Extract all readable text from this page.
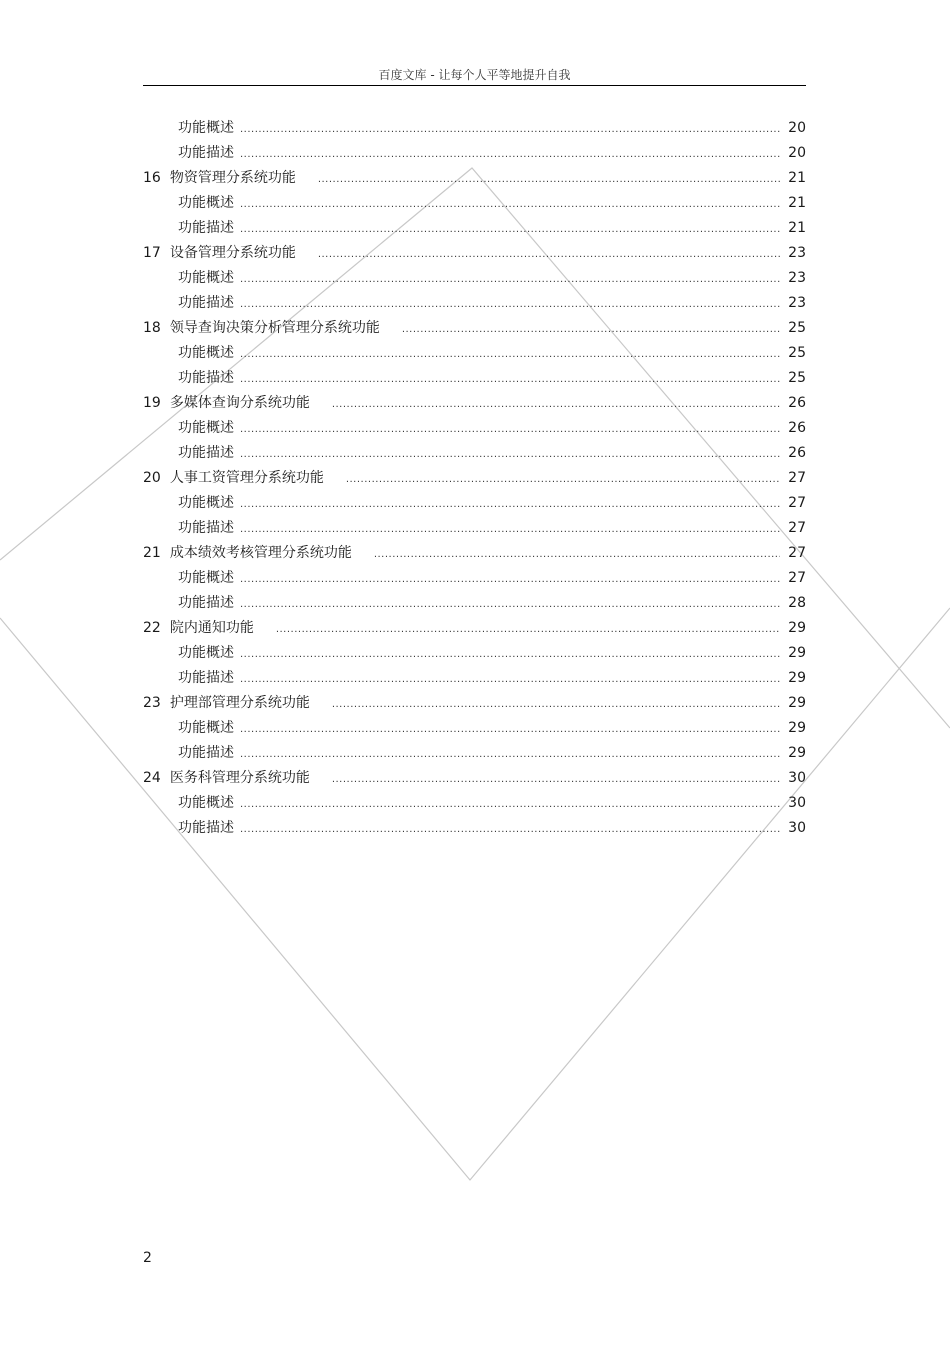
百度文库 - 让每个人平等地提升自我
功能概述 .....	20
功能描述 .....	20
16 物资管理分系统功能 .....	21
功能概述 .....	21
功能描述 .....	21
17 设备管理分系统功能 .....	23
功能概述 .....	23
功能描述 .....	23
18 领导查询决策分析管理分系统功能 .....	25
功能概述 .....	25
功能描述 .....	25
19 多媒体查询分系统功能 .....	26
功能概述 .....	26
功能描述 .....	26
20 人事工资管理分系统功能 .....	27
功能概述 .....	27
功能描述 .....	27
21 成本绩效考核管理分系统功能 .....	27
功能概述 .....	27
功能描述 .....	28
22 院内通知功能 .....	29
功能概述 .....	29
功能描述 .....	29
23 护理部管理分系统功能 .....	29
功能概述 .....	29
功能描述 .....	29
24 医务科管理分系统功能 .....	30
功能概述 .....	30
功能描述 .....	30
2
